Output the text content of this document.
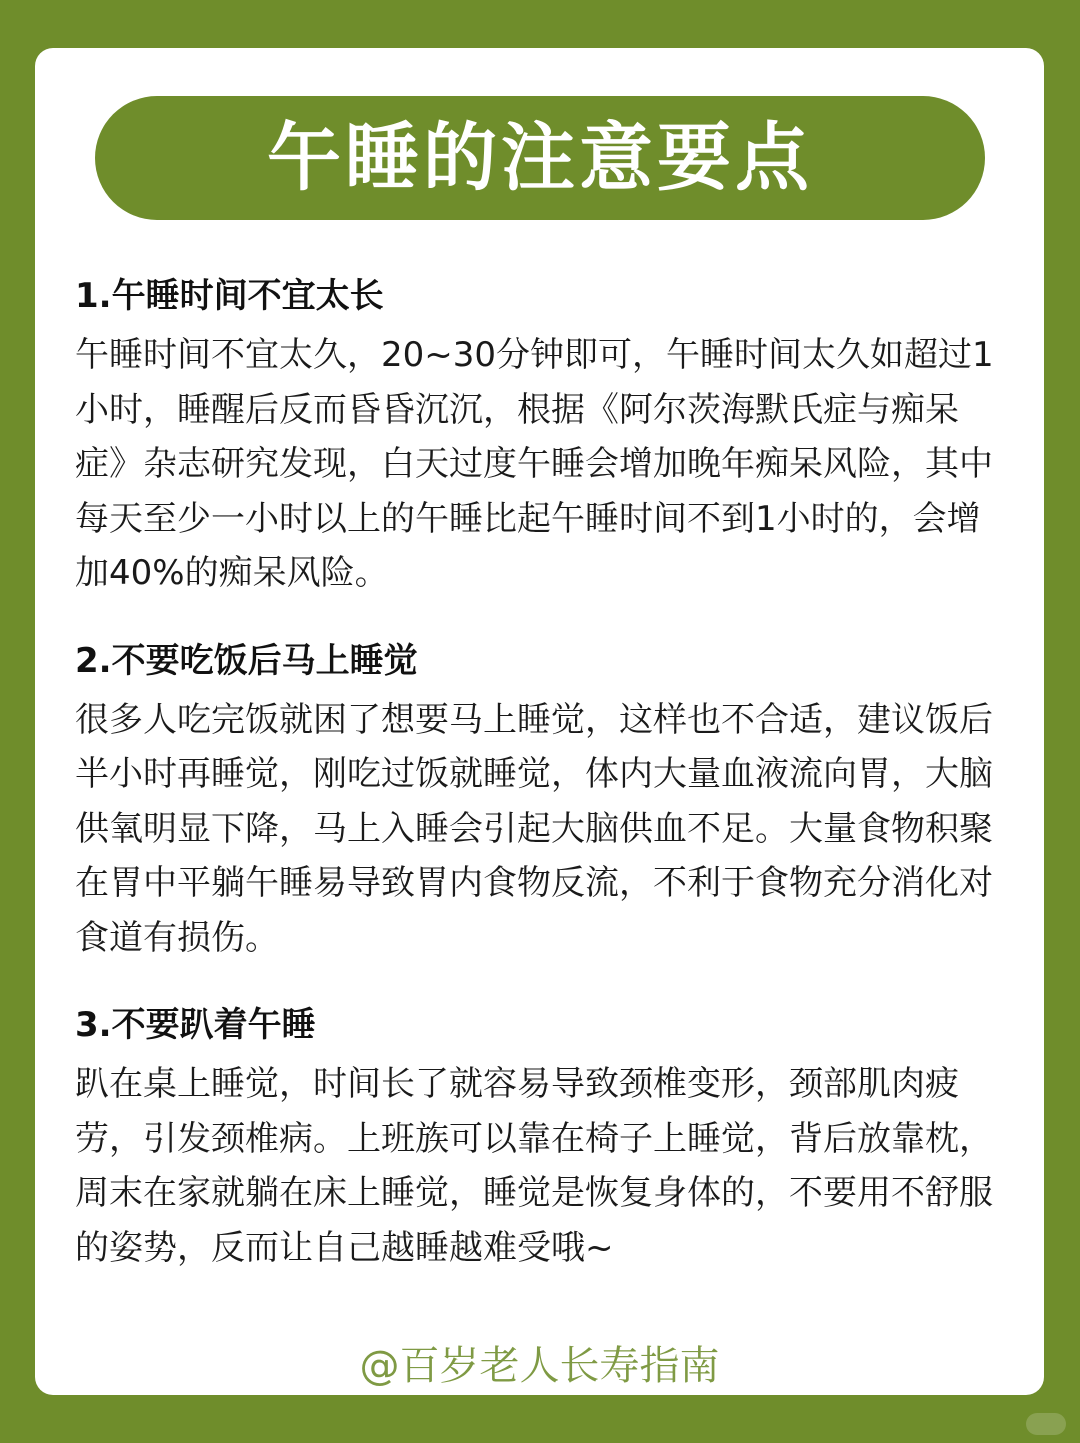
午睡的注意要点

1.午睡时间不宜太长

午睡时间不宜太久，20~30分钟即可，午睡时间太久如超过1小时，睡醒后反而昏昏沉沉，根据《阿尔茨海默氏症与痴呆症》杂志研究发现，白天过度午睡会增加晚年痴呆风险，其中每天至少一小时以上的午睡比起午睡时间不到1小时的，会增加40%的痴呆风险。

2.不要吃饭后马上睡觉

很多人吃完饭就困了想要马上睡觉，这样也不合适，建议饭后半小时再睡觉，刚吃过饭就睡觉，体内大量血液流向胃，大脑供氧明显下降，马上入睡会引起大脑供血不足。大量食物积聚在胃中平躺午睡易导致胃内食物反流，不利于食物充分消化对食道有损伤。

3.不要趴着午睡

趴在桌上睡觉，时间长了就容易导致颈椎变形，颈部肌肉疲劳，引发颈椎病。上班族可以靠在椅子上睡觉，背后放靠枕，周末在家就躺在床上睡觉，睡觉是恢复身体的，不要用不舒服的姿势，反而让自己越睡越难受哦~

@百岁老人长寿指南
